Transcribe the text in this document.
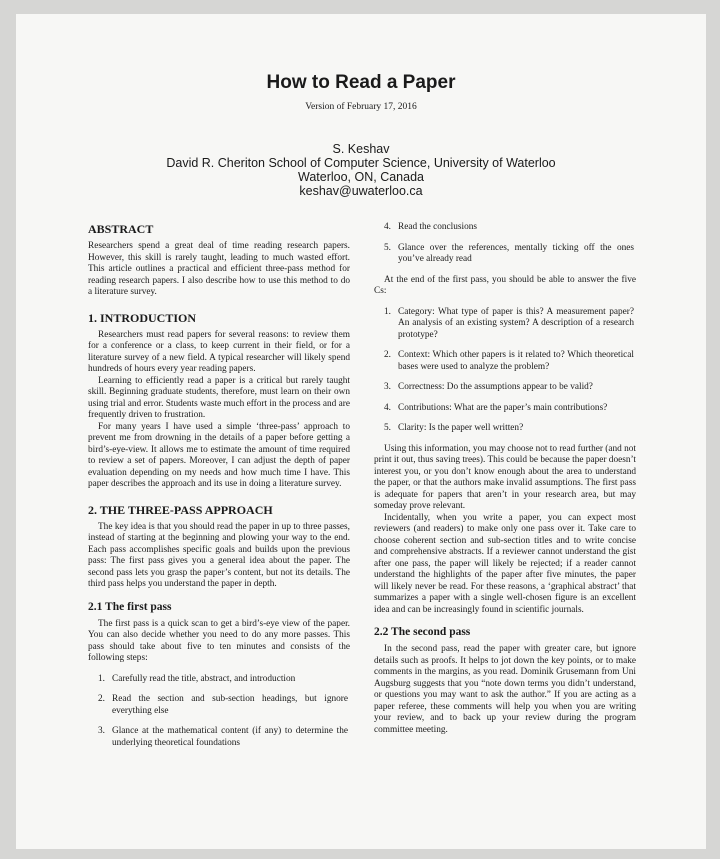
How to Read a Paper
Version of February 17, 2016
S. Keshav
David R. Cheriton School of Computer Science, University of Waterloo
Waterloo, ON, Canada
keshav@uwaterloo.ca
ABSTRACT

Researchers spend a great deal of time reading research papers. However, this skill is rarely taught, leading to much wasted effort. This article outlines a practical and efficient three-pass method for reading research papers. I also describe how to use this method to do a literature survey.

1. INTRODUCTION

Researchers must read papers for several reasons: to review them for a conference or a class, to keep current in their field, or for a literature survey of a new field. A typical researcher will likely spend hundreds of hours every year reading papers.

Learning to efficiently read a paper is a critical but rarely taught skill. Beginning graduate students, therefore, must learn on their own using trial and error. Students waste much effort in the process and are frequently driven to frustration.

For many years I have used a simple ‘three-pass’ approach to prevent me from drowning in the details of a paper before getting a bird’s-eye-view. It allows me to estimate the amount of time required to review a set of papers. Moreover, I can adjust the depth of paper evaluation depending on my needs and how much time I have. This paper describes the approach and its use in doing a literature survey.

2. THE THREE-PASS APPROACH

The key idea is that you should read the paper in up to three passes, instead of starting at the beginning and plowing your way to the end. Each pass accomplishes specific goals and builds upon the previous pass: The first pass gives you a general idea about the paper. The second pass lets you grasp the paper’s content, but not its details. The third pass helps you understand the paper in depth.

2.1 The first pass

The first pass is a quick scan to get a bird’s-eye view of the paper. You can also decide whether you need to do any more passes. This pass should take about five to ten minutes and consists of the following steps:

1. Carefully read the title, abstract, and introduction
2. Read the section and sub-section headings, but ignore everything else
3. Glance at the mathematical content (if any) to determine the underlying theoretical foundations
4. Read the conclusions
5. Glance over the references, mentally ticking off the ones you’ve already read

At the end of the first pass, you should be able to answer the five Cs:

1. Category: What type of paper is this? A measurement paper? An analysis of an existing system? A description of a research prototype?
2. Context: Which other papers is it related to? Which theoretical bases were used to analyze the problem?
3. Correctness: Do the assumptions appear to be valid?
4. Contributions: What are the paper’s main contributions?
5. Clarity: Is the paper well written?

Using this information, you may choose not to read further (and not print it out, thus saving trees). This could be because the paper doesn’t interest you, or you don’t know enough about the area to understand the paper, or that the authors make invalid assumptions. The first pass is adequate for papers that aren’t in your research area, but may someday prove relevant.

Incidentally, when you write a paper, you can expect most reviewers (and readers) to make only one pass over it. Take care to choose coherent section and sub-section titles and to write concise and comprehensive abstracts. If a reviewer cannot understand the gist after one pass, the paper will likely be rejected; if a reader cannot understand the highlights of the paper after five minutes, the paper will likely never be read. For these reasons, a ‘graphical abstract’ that summarizes a paper with a single well-chosen figure is an excellent idea and can be increasingly found in scientific journals.

2.2 The second pass

In the second pass, read the paper with greater care, but ignore details such as proofs. It helps to jot down the key points, or to make comments in the margins, as you read. Dominik Grusemann from Uni Augsburg suggests that you “note down terms you didn’t understand, or questions you may want to ask the author.” If you are acting as a paper referee, these comments will help you when you are writing your review, and to back up your review during the program committee meeting.
